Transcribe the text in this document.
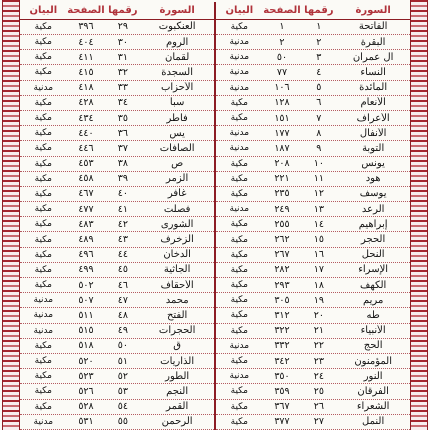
السورة
رقمها
الصفحة
البيان
الفاتحة
١
١
مكية
البقرة
٢
٢
مدنية
آل عمران
٣
٥٠
مدنية
النساء
٤
٧٧
مدنية
المائدة
٥
١٠٦
مدنية
الأنعام
٦
١٢٨
مكية
الأعراف
٧
١٥١
مكية
الأنفال
٨
١٧٧
مدنية
التوبة
٩
١٨٧
مدنية
يونس
١٠
٢٠٨
مكية
هود
١١
٢٢١
مكية
يوسف
١٢
٢٣٥
مكية
الرعد
١٣
٢٤٩
مدنية
إبراهيم
١٤
٢٥٥
مكية
الحجر
١٥
٢٦٢
مكية
النحل
١٦
٢٦٧
مكية
الإسراء
١٧
٢٨٢
مكية
الكهف
١٨
٢٩٣
مكية
مريم
١٩
٣٠٥
مكية
طه
٢٠
٣١٢
مكية
الأنبياء
٢١
٣٢٢
مكية
الحج
٢٢
٣٣٢
مدنية
المؤمنون
٢٣
٣٤٢
مكية
النور
٢٤
٣٥٠
مدنية
الفرقان
٢٥
٣٥٩
مكية
الشعراء
٢٦
٣٦٧
مكية
النمل
٢٧
٣٧٧
مكية
السورة
رقمها
الصفحة
البيان
العنكبوت
٢٩
٣٩٦
مكية
الروم
٣٠
٤٠٤
مكية
لقمان
٣١
٤١١
مكية
السجدة
٣٢
٤١٥
مكية
الأحزاب
٣٣
٤١٨
مدنية
سبأ
٣٤
٤٢٨
مكية
فاطر
٣٥
٤٣٤
مكية
يس
٣٦
٤٤٠
مكية
الصافات
٣٧
٤٤٦
مكية
ص
٣٨
٤٥٣
مكية
الزمر
٣٩
٤٥٨
مكية
غافر
٤٠
٤٦٧
مكية
فصلت
٤١
٤٧٧
مكية
الشورى
٤٢
٤٨٣
مكية
الزخرف
٤٣
٤٨٩
مكية
الدخان
٤٤
٤٩٦
مكية
الجاثية
٤٥
٤٩٩
مكية
الأحقاف
٤٦
٥٠٢
مكية
محمد
٤٧
٥٠٧
مدنية
الفتح
٤٨
٥١١
مدنية
الحجرات
٤٩
٥١٥
مدنية
ق
٥٠
٥١٨
مكية
الذاريات
٥١
٥٢٠
مكية
الطور
٥٢
٥٢٣
مكية
النجم
٥٣
٥٢٦
مكية
القمر
٥٤
٥٢٨
مكية
الرحمن
٥٥
٥٣١
مدنية
